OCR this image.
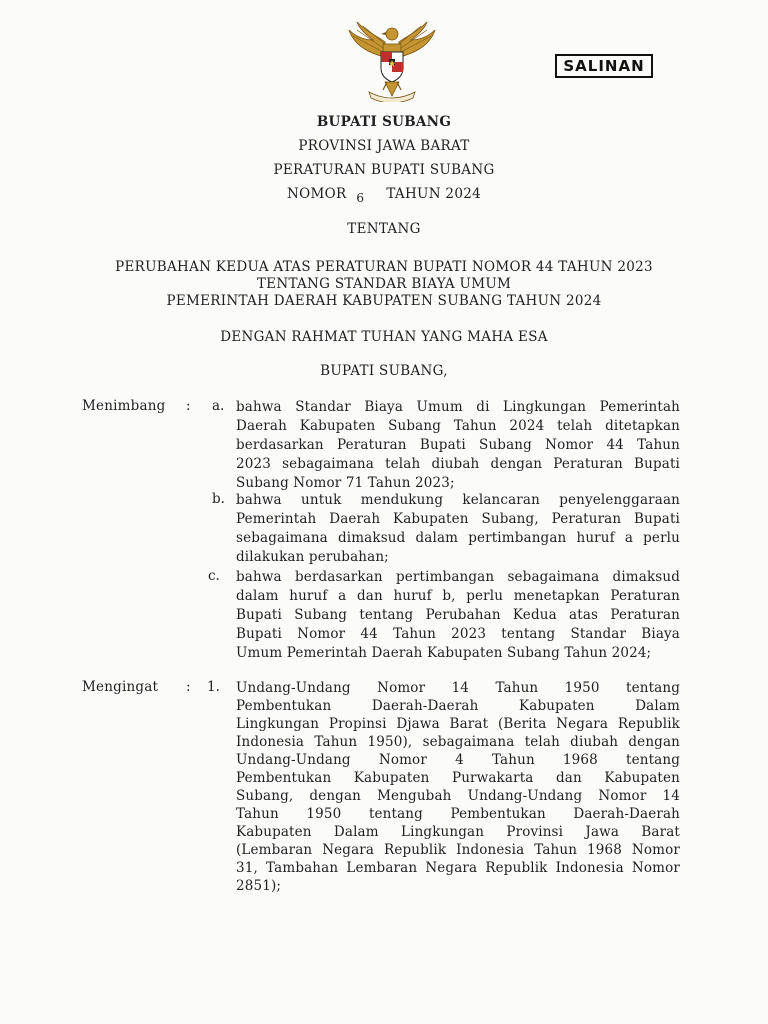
SALINAN
BUPATI SUBANG
PROVINSI JAWA BARAT
PERATURAN BUPATI SUBANG
NOMOR 6 TAHUN 2024
TENTANG
PERUBAHAN KEDUA ATAS PERATURAN BUPATI NOMOR 44 TAHUN 2023
TENTANG STANDAR BIAYA UMUM
PEMERINTAH DAERAH KABUPATEN SUBANG TAHUN 2024
DENGAN RAHMAT TUHAN YANG MAHA ESA
BUPATI SUBANG,
Menimbang : a. bahwa Standar Biaya Umum di Lingkungan Pemerintah
Daerah Kabupaten Subang Tahun 2024 telah ditetapkan
berdasarkan Peraturan Bupati Subang Nomor 44 Tahun
2023 sebagaimana telah diubah dengan Peraturan Bupati
Subang Nomor 71 Tahun 2023;
b. bahwa untuk mendukung kelancaran penyelenggaraan
Pemerintah Daerah Kabupaten Subang, Peraturan Bupati
sebagaimana dimaksud dalam pertimbangan huruf a perlu
dilakukan perubahan;
c. bahwa berdasarkan pertimbangan sebagaimana dimaksud
dalam huruf a dan huruf b, perlu menetapkan Peraturan
Bupati Subang tentang Perubahan Kedua atas Peraturan
Bupati Nomor 44 Tahun 2023 tentang Standar Biaya
Umum Pemerintah Daerah Kabupaten Subang Tahun 2024;
Mengingat : 1. Undang-Undang Nomor 14 Tahun 1950 tentang
Pembentukan Daerah-Daerah Kabupaten Dalam
Lingkungan Propinsi Djawa Barat (Berita Negara Republik
Indonesia Tahun 1950), sebagaimana telah diubah dengan
Undang-Undang Nomor 4 Tahun 1968 tentang
Pembentukan Kabupaten Purwakarta dan Kabupaten
Subang, dengan Mengubah Undang-Undang Nomor 14
Tahun 1950 tentang Pembentukan Daerah-Daerah
Kabupaten Dalam Lingkungan Provinsi Jawa Barat
(Lembaran Negara Republik Indonesia Tahun 1968 Nomor
31, Tambahan Lembaran Negara Republik Indonesia Nomor
2851);
